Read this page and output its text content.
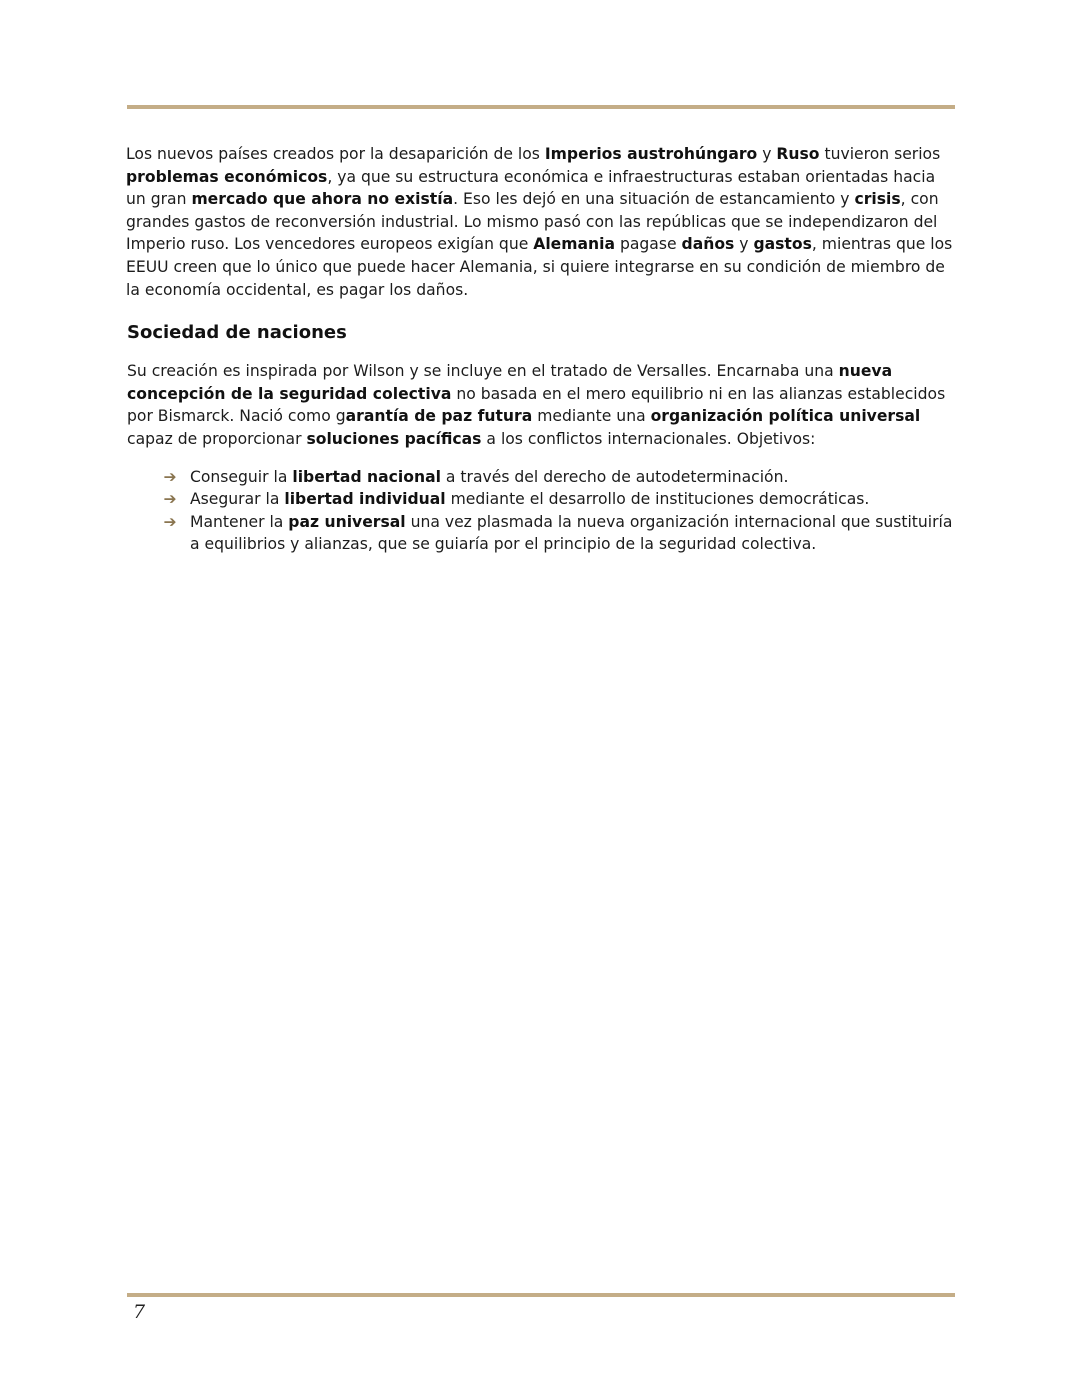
Los nuevos países creados por la desaparición de los Imperios austrohúngaro y Ruso tuvieron serios problemas económicos, ya que su estructura económica e infraestructuras estaban orientadas hacia un gran mercado que ahora no existía. Eso les dejó en una situación de estancamiento y crisis, con grandes gastos de reconversión industrial. Lo mismo pasó con las repúblicas que se independizaron del Imperio ruso. Los vencedores europeos exigían que Alemania pagase daños y gastos, mientras que los EEUU creen que lo único que puede hacer Alemania, si quiere integrarse en su condición de miembro de la economía occidental, es pagar los daños.

Sociedad de naciones

Su creación es inspirada por Wilson y se incluye en el tratado de Versalles. Encarnaba una nueva concepción de la seguridad colectiva no basada en el mero equilibrio ni en las alianzas establecidos por Bismarck. Nació como garantía de paz futura mediante una organización política universal capaz de proporcionar soluciones pacíficas a los conflictos internacionales. Objetivos:

➔ Conseguir la libertad nacional a través del derecho de autodeterminación.
➔ Asegurar la libertad individual mediante el desarrollo de instituciones democráticas.
➔ Mantener la paz universal una vez plasmada la nueva organización internacional que sustituiría a equilibrios y alianzas, que se guiaría por el principio de la seguridad colectiva.
7
